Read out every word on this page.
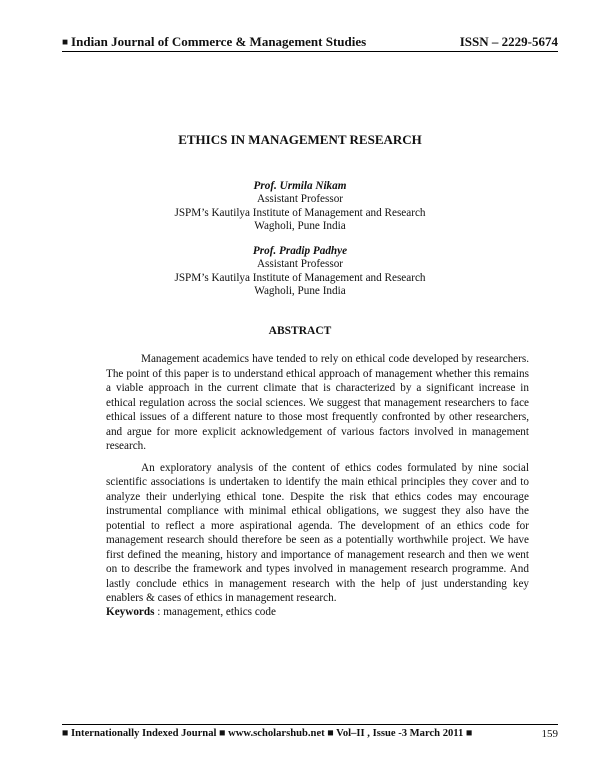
■ Indian Journal of Commerce & Management Studies	ISSN – 2229-5674
ETHICS IN MANAGEMENT RESEARCH
Prof. Urmila Nikam
Assistant Professor
JSPM’s Kautilya Institute of Management and Research
Wagholi, Pune India
Prof. Pradip Padhye
Assistant Professor
JSPM’s Kautilya Institute of Management and Research
Wagholi, Pune India
ABSTRACT

Management academics have tended to rely on ethical code developed by researchers. The point of this paper is to understand ethical approach of management whether this remains a viable approach in the current climate that is characterized by a significant increase in ethical regulation across the social sciences. We suggest that management researchers to face ethical issues of a different nature to those most frequently confronted by other researchers, and argue for more explicit acknowledgement of various factors involved in management research.

An exploratory analysis of the content of ethics codes formulated by nine social scientific associations is undertaken to identify the main ethical principles they cover and to analyze their underlying ethical tone. Despite the risk that ethics codes may encourage instrumental compliance with minimal ethical obligations, we suggest they also have the potential to reflect a more aspirational agenda. The development of an ethics code for management research should therefore be seen as a potentially worthwhile project. We have first defined the meaning, history and importance of management research and then we went on to describe the framework and types involved in management research programme. And lastly conclude ethics in management research with the help of just understanding key enablers & cases of ethics in management research.

Keywords : management, ethics code
■ Internationally Indexed Journal ■ www.scholarshub.net ■ Vol–II , Issue -3 March 2011 ■	159
